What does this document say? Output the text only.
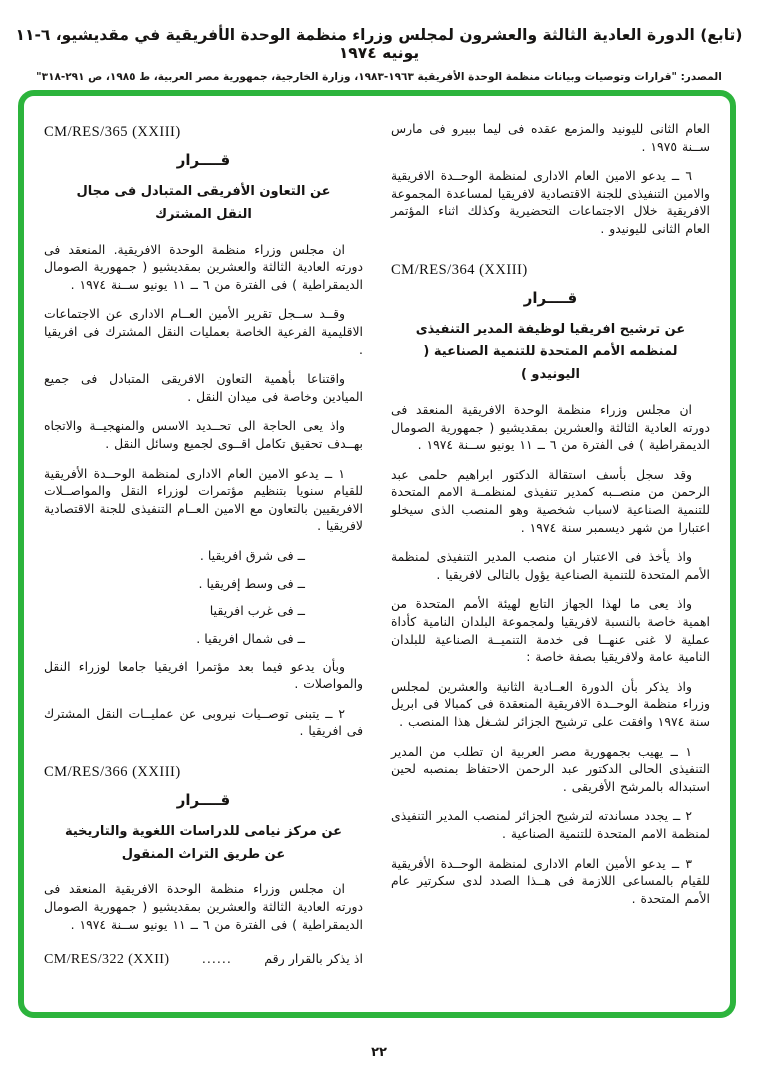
(تابع) الدورة العادية الثالثة والعشرون لمجلس وزراء منظمة الوحدة الأفريقية في مقديشيو، ٦-١١ يونيه ١٩٧٤
المصدر: "قرارات وتوصيات وبيانات منظمة الوحدة الأفريقية ١٩٦٣-١٩٨٣، وزارة الخارجية، جمهورية مصر العربية، ط ١٩٨٥، ص ٢٩١-٣١٨"

العام الثانى لليونيد والمزمع عقده فى ليما ببيرو فى مارس ســنة ١٩٧٥ .

٦ ــ يدعو الامين العام الادارى لمنظمة الوحــدة الافريقية والامين التنفيذى للجنة الاقتصادية لافريقيا لمساعدة المجموعة الافريقية خلال الاجتماعات التحضيرية وكذلك اثناء المؤتمر العام الثانى لليونيدو .

CM/RES/364 (XXIII)
قــــرار
عن ترشيح افريقيا لوظيفة المدير التنفيذى لمنظمه الأمم المتحدة للتنمية الصناعية ( اليونيدو )

ان مجلس وزراء منظمة الوحدة الافريقية المنعقد فى دورته العادية الثالثة والعشرين بمقديشيو ( جمهورية الصومال الديمقراطية ) فى الفترة من ٦ ــ ١١ يونيو ســنة ١٩٧٤ .

وقد سجل بأسف استقالة الدكتور ابراهيم حلمى عبد الرحمن من منصــبه كمدير تنفيذى لمنظمــة الامم المتحدة للتنمية الصناعية لاسباب شخصية وهو المنصب الذى سيخلو اعتبارا من شهر ديسمبر سنة ١٩٧٤ .

واذ يأخذ فى الاعتبار ان منصب المدير التنفيذى لمنظمة الأمم المتحدة للتنمية الصناعية يؤول بالتالى لافريقيا .

واذ يعى ما لهذا الجهاز التابع لهيئة الأمم المتحدة من اهمية خاصة بالنسبة لافريقيا ولمجموعة البلدان النامية كأداة عملية لا غنى عنهــا فى خدمة التنميــة الصناعية للبلدان النامية عامة ولافريقيا بصفة خاصة :

واذ يذكر بأن الدورة العــادية الثانية والعشرين لمجلس وزراء منظمة الوحــدة الافريقية المنعقدة فى كمبالا فى ابريل سنة ١٩٧٤ وافقت على ترشيح الجزائر لشـغل هذا المنصب .

١ ــ يهيب بجمهورية مصر العربية ان تطلب من المدير التنفيذى الحالى الدكتور عبد الرحمن الاحتفاظ بمنصبه لحين استبداله بالمرشح الأفريقى .

٢ ــ يجدد مساندته لترشيح الجزائر لمنصب المدير التنفيذى لمنظمة الامم المتحدة للتنمية الصناعية .

٣ ــ يدعو الأمين العام الادارى لمنظمة الوحــدة الأفريقية للقيام بالمساعى اللازمة فى هــذا الصدد لدى سكرتير عام الأمم المتحدة .

CM/RES/365 (XXIII)
قــــرار
عن التعاون الأفريقى المتبادل فى مجال النقل المشترك

ان مجلس وزراء منظمة الوحدة الافريقية. المنعقد فى دورته العادية الثالثة والعشرين بمقديشيو ( جمهورية الصومال الديمقراطية ) فى الفترة من ٦ ــ ١١ يونيو ســنة ١٩٧٤ .

وقــد ســجل تقرير الأمين العــام الادارى عن الاجتماعات الاقليمية الفرعية الخاصة بعمليات النقل المشترك فى افريقيا .

واقتناعا بأهمية التعاون الافريقى المتبادل فى جميع الميادين وخاصة فى ميدان النقل .

واذ يعى الحاجة الى تحــديد الاسس والمنهجيــة والاتجاه بهــدف تحقيق تكامل اقــوى لجميع وسائل النقل .

١ ــ يدعو الامين العام الادارى لمنظمة الوحــدة الأفريقية للقيام سنويا بتنظيم مؤتمرات لوزراء النقل والمواصــلات الافريقيين بالتعاون مع الامين العــام التنفيذى للجنة الاقتصادية لافريقيا .

ــ فى شرق افريقيا .
ــ فى وسط إفريقيا .
ــ فى غرب افريقيا
ــ فى شمال افريقيا .

وبأن يدعو فيما بعد مؤتمرا افريقيا جامعا لوزراء النقل والمواصلات .

٢ ــ يتبنى توصــيات نيروبى عن عمليــات النقل المشترك فى افريقيا .

CM/RES/366 (XXIII)
قــــرار
عن مركز نيامى للدراسات اللغوية والتاريخية عن طريق التراث المنقول

ان مجلس وزراء منظمة الوحدة الافريقية المنعقد فى دورته العادية الثالثة والعشرين بمقديشيو ( جمهورية الصومال الديمقراطية ) فى الفترة من ٦ ــ ١١ يونيو ســنة ١٩٧٤ .

اذ يذكر بالقرار رقم
......
CM/RES/322 (XXII)
٢٢
